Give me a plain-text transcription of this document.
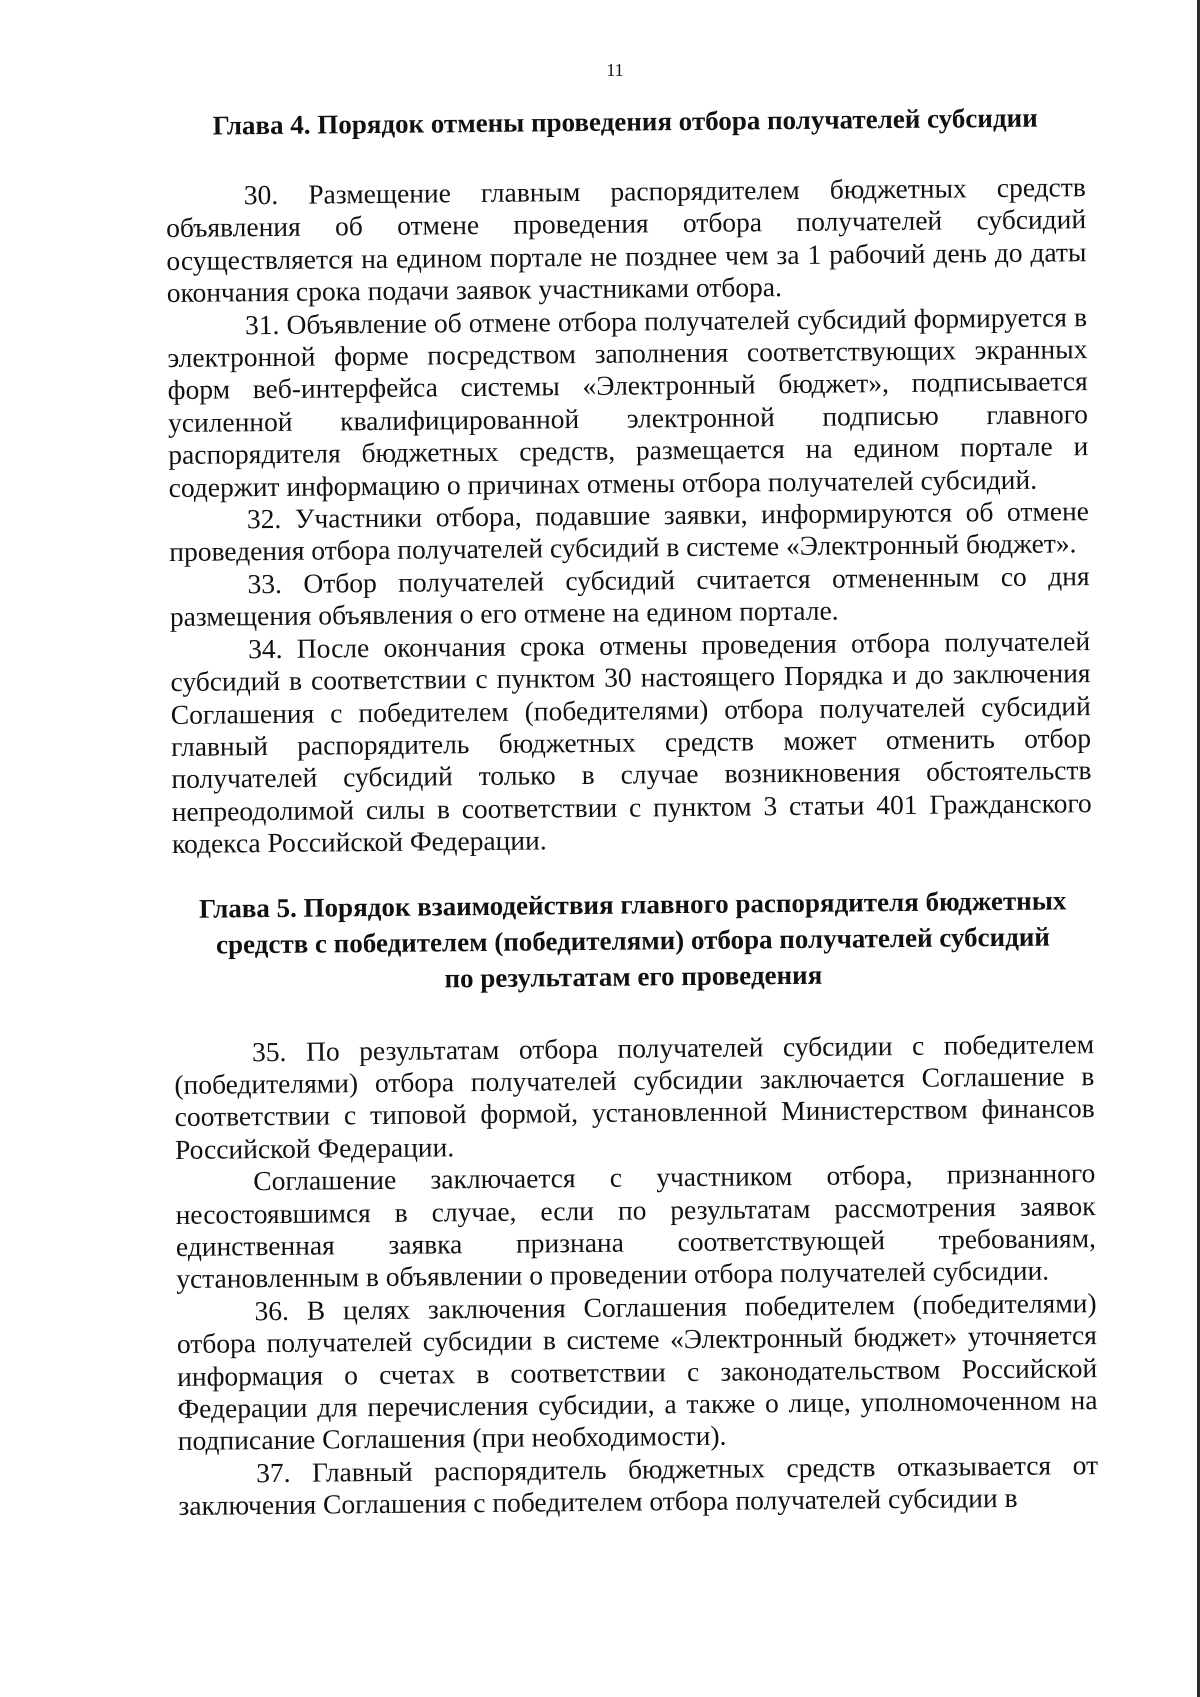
11
Глава 4. Порядок отмены проведения отбора получателей субсидии

30. Размещение главным распорядителем бюджетных средств объявления об отмене проведения отбора получателей субсидий осуществляется на едином портале не позднее чем за 1 рабочий день до даты окончания срока подачи заявок участниками отбора.

31. Объявление об отмене отбора получателей субсидий формируется в электронной форме посредством заполнения соответствующих экранных форм веб-интерфейса системы «Электронный бюджет», подписывается усиленной квалифицированной электронной подписью главного распорядителя бюджетных средств, размещается на едином портале и содержит информацию о причинах отмены отбора получателей субсидий.

32. Участники отбора, подавшие заявки, информируются об отмене проведения отбора получателей субсидий в системе «Электронный бюджет».

33. Отбор получателей субсидий считается отмененным со дня размещения объявления о его отмене на едином портале.

34. После окончания срока отмены проведения отбора получателей субсидий в соответствии с пунктом 30 настоящего Порядка и до заключения Соглашения с победителем (победителями) отбора получателей субсидий главный распорядитель бюджетных средств может отменить отбор получателей субсидий только в случае возникновения обстоятельств непреодолимой силы в соответствии с пунктом 3 статьи 401 Гражданского кодекса Российской Федерации.

Глава 5. Порядок взаимодействия главного распорядителя бюджетных
средств с победителем (победителями) отбора получателей субсидий
по результатам его проведения

35. По результатам отбора получателей субсидии с победителем (победителями) отбора получателей субсидии заключается Соглашение в соответствии с типовой формой, установленной Министерством финансов Российской Федерации.

Соглашение заключается с участником отбора, признанного несостоявшимся в случае, если по результатам рассмотрения заявок единственная заявка признана соответствующей требованиям, установленным в объявлении о проведении отбора получателей субсидии.

36. В целях заключения Соглашения победителем (победителями) отбора получателей субсидии в системе «Электронный бюджет» уточняется информация о счетах в соответствии с законодательством Российской Федерации для перечисления субсидии, а также о лице, уполномоченном на подписание Соглашения (при необходимости).

37. Главный распорядитель бюджетных средств отказывается от заключения Соглашения с победителем отбора получателей субсидии в
